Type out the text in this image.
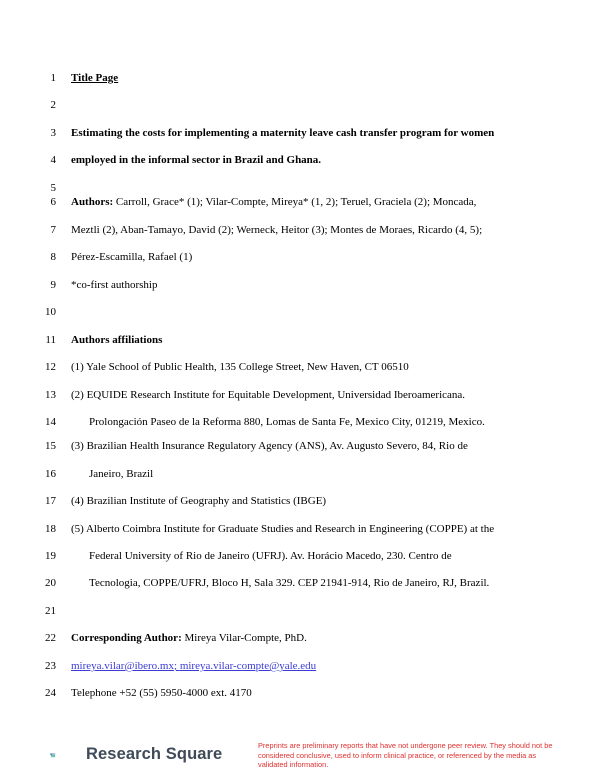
1
2
3
4
5
6
7
8
9
10
11
12
13
14
15
16
17
18
19
20
21
22
23
24
Title Page
Estimating the costs for implementing a maternity leave cash transfer program for women
employed in the informal sector in Brazil and Ghana.
Authors: Carroll, Grace* (1); Vilar-Compte, Mireya* (1, 2); Teruel, Graciela (2); Moncada,
Meztli (2), Aban-Tamayo, David (2); Werneck, Heitor (3); Montes de Moraes, Ricardo (4, 5);
Pérez-Escamilla, Rafael (1)
*co-first authorship
Authors affiliations
(1) Yale School of Public Health, 135 College Street, New Haven, CT 06510
(2) EQUIDE Research Institute for Equitable Development, Universidad Iberoamericana.
Prolongación Paseo de la Reforma 880, Lomas de Santa Fe, Mexico City, 01219, Mexico.
(3) Brazilian Health Insurance Regulatory Agency (ANS), Av. Augusto Severo, 84, Rio de
Janeiro, Brazil
(4) Brazilian Institute of Geography and Statistics (IBGE)
(5) Alberto Coimbra Institute for Graduate Studies and Research in Engineering (COPPE) at the
Federal University of Rio de Janeiro (UFRJ). Av. Horácio Macedo, 230. Centro de
Tecnologia, COPPE/UFRJ, Bloco H, Sala 329. CEP 21941-914, Rio de Janeiro, RJ, Brazil.
Corresponding Author: Mireya Vilar-Compte, PhD.
mireya.vilar@ibero.mx; mireya.vilar-compte@yale.edu
Telephone +52 (55) 5950-4000 ext. 4170
Research Square	Preprints are preliminary reports that have not undergone peer review. They should not be considered conclusive, used to inform clinical practice, or referenced by the media as validated information.
